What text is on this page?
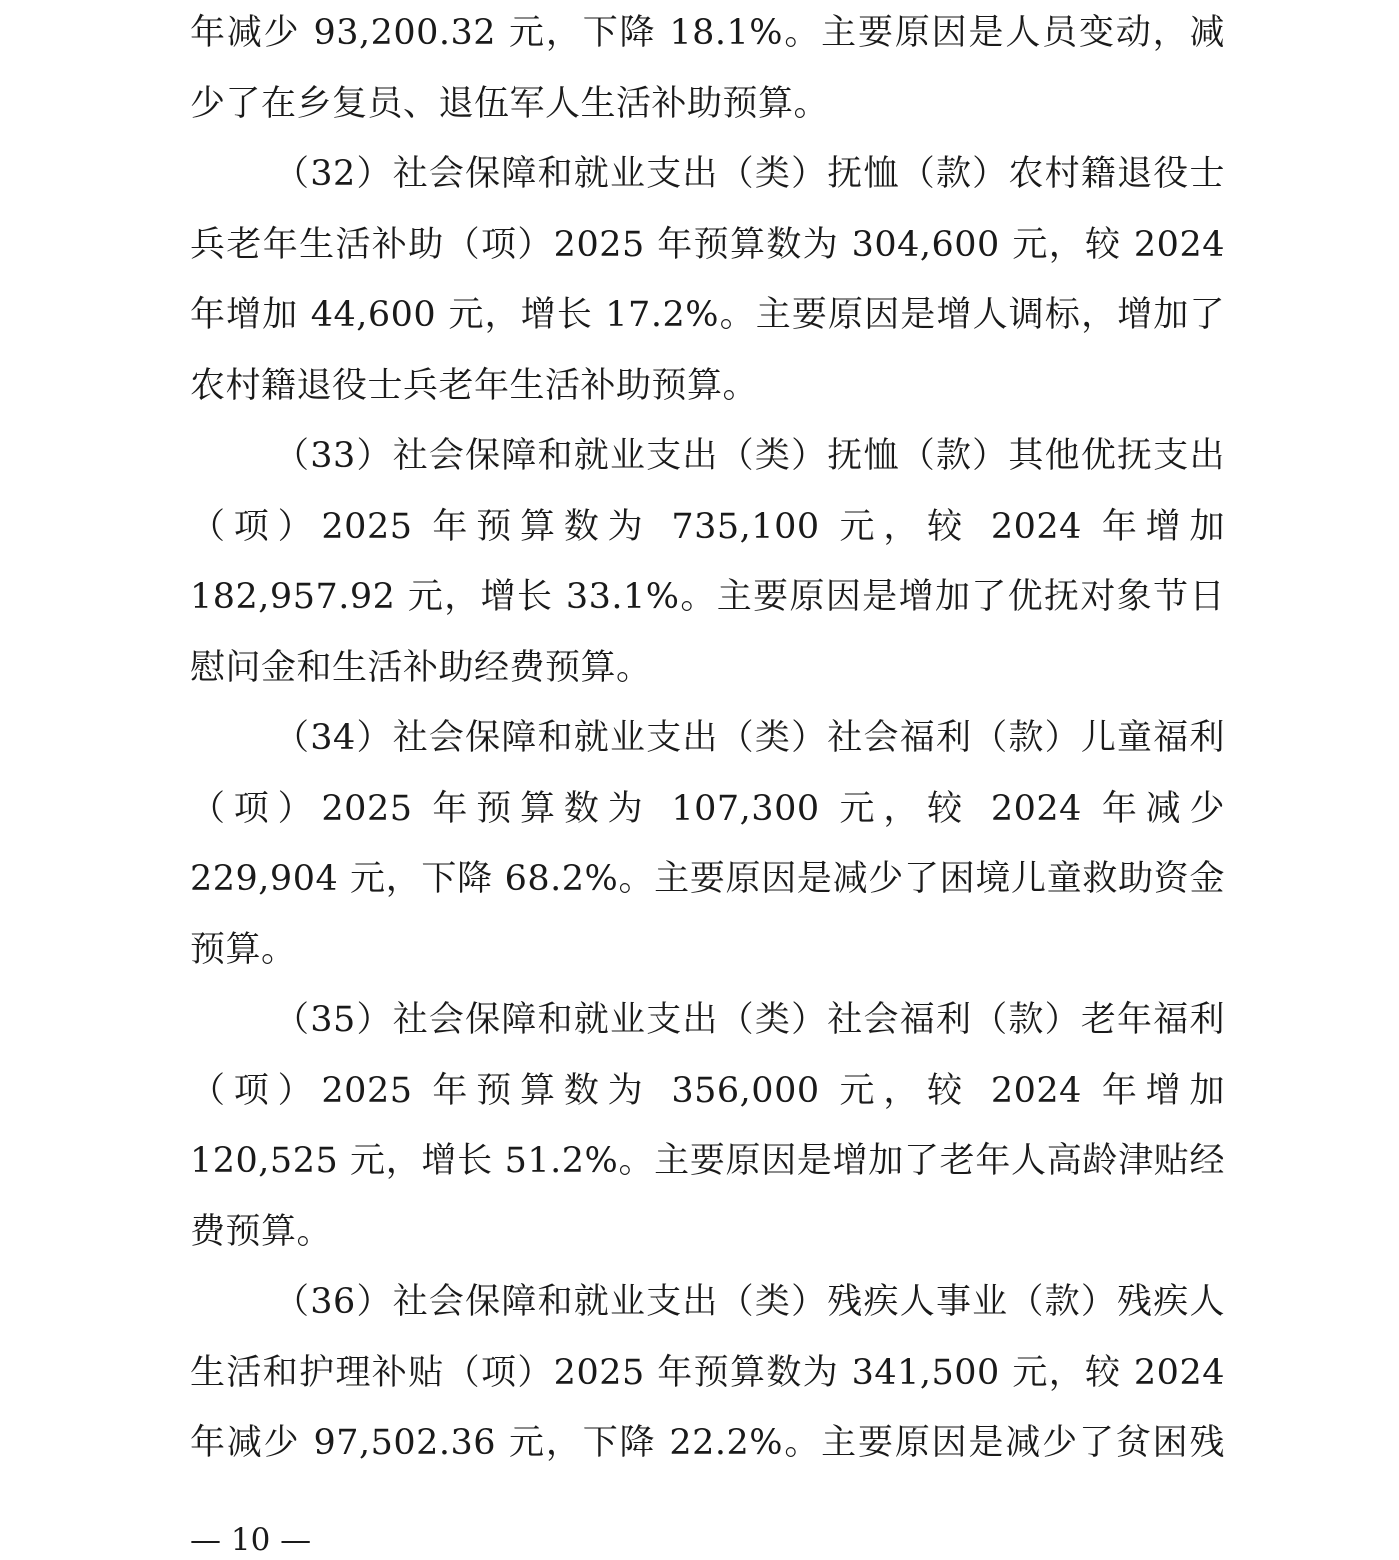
年减少 93,200.32 元，下降 18.1%。主要原因是人员变动，减少了在乡复员、退伍军人生活补助预算。

（32）社会保障和就业支出（类）抚恤（款）农村籍退役士兵老年生活补助（项）2025 年预算数为 304,600 元，较 2024 年增加 44,600 元，增长 17.2%。主要原因是增人调标，增加了农村籍退役士兵老年生活补助预算。

（33）社会保障和就业支出（类）抚恤（款）其他优抚支出（项）2025 年预算数为 735,100 元，较 2024 年增加 182,957.92 元，增长 33.1%。主要原因是增加了优抚对象节日慰问金和生活补助经费预算。

（34）社会保障和就业支出（类）社会福利（款）儿童福利（项）2025 年预算数为 107,300 元，较 2024 年减少 229,904 元，下降 68.2%。主要原因是减少了困境儿童救助资金预算。

（35）社会保障和就业支出（类）社会福利（款）老年福利（项）2025 年预算数为 356,000 元，较 2024 年增加 120,525 元，增长 51.2%。主要原因是增加了老年人高龄津贴经费预算。

（36）社会保障和就业支出（类）残疾人事业（款）残疾人生活和护理补贴（项）2025 年预算数为 341,500 元，较 2024 年减少 97,502.36 元，下降 22.2%。主要原因是减少了贫困残

— 10 —
